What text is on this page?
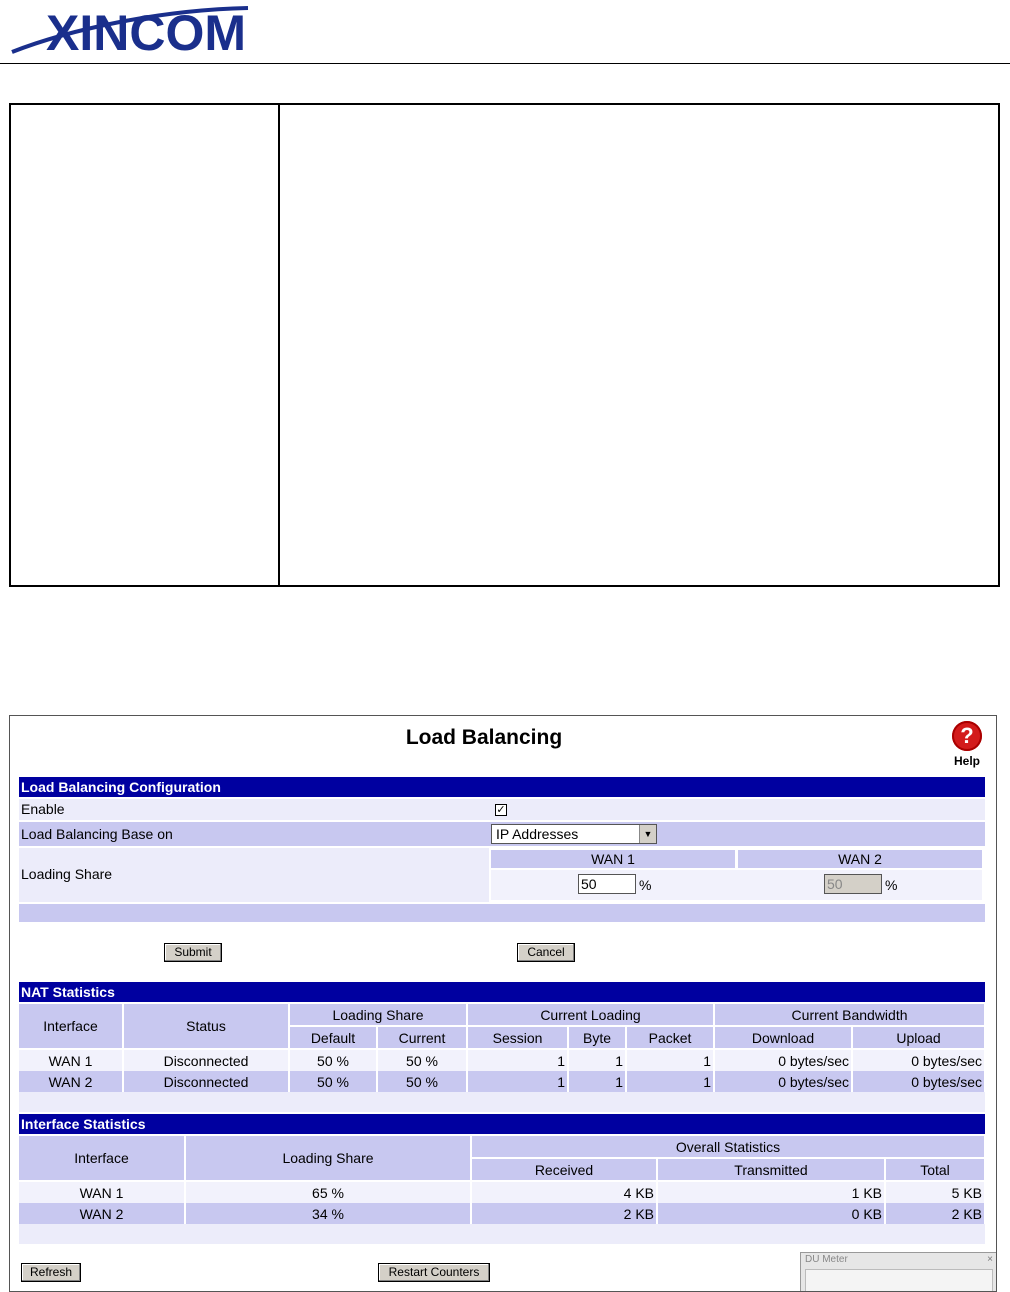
XINCOM
Load Balancing	?
Help
Load Balancing Configuration
Enable	✓
Load Balancing Base on	IP Addresses	▼
Loading Share
WAN 1	WAN 2
50	%	50	%
Submit	Cancel
NAT Statistics
Interface	Status	Loading Share		Current Loading			Current Bandwidth	
		Default	Current	Session	Byte	Packet	Download	Upload
WAN 1	Disconnected	50 %	50 %	1	1	1	0 bytes/sec	0 bytes/sec
WAN 2	Disconnected	50 %	50 %	1	1	1	0 bytes/sec	0 bytes/sec
Interface Statistics
Interface	Loading Share	Overall Statistics		
		Received	Transmitted	Total
WAN 1	65 %	4 KB	1 KB	5 KB
WAN 2	34 %	2 KB	0 KB	2 KB
Refresh	Restart Counters
DU Meter	×
